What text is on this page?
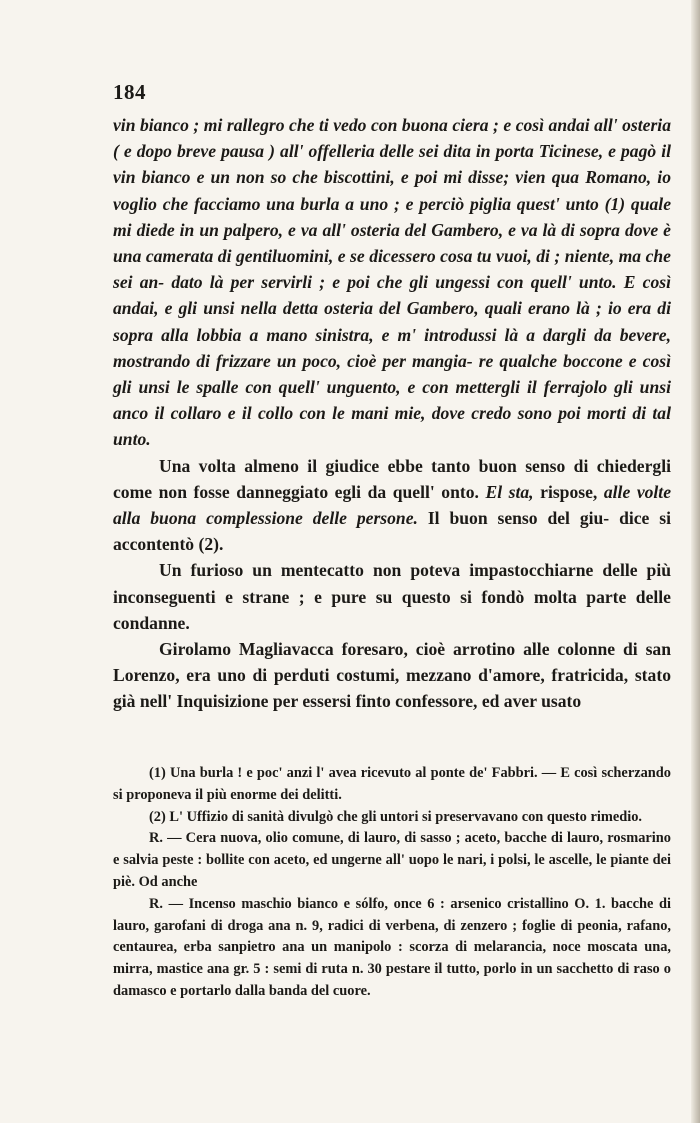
184

vin bianco ; mi rallegro che ti vedo con buona ciera ; e così andai all' osteria ( e dopo breve pausa ) all' offelleria delle sei dita in porta Ticinese, e pagò il vin bianco e un non so che biscottini, e poi mi disse; vien qua Romano, io voglio che facciamo una burla a uno ; e perciò piglia quest' unto (1) quale mi diede in un palpero, e va all' osteria del Gambero, e va là di sopra dove è una camerata di gentiluomini, e se dicessero cosa tu vuoi, di ; niente, ma che sei an- dato là per servirli ; e poi che gli ungessi con quell' unto. E così andai, e gli unsi nella detta osteria del Gambero, quali erano là ; io era di sopra alla lobbia a mano sinistra, e m' introdussi là a dargli da bevere, mostrando di frizzare un poco, cioè per mangia- re qualche boccone e così gli unsi le spalle con quell' unguento, e con mettergli il ferrajolo gli unsi anco il collaro e il collo con le mani mie, dove credo sono poi morti di tal unto.

Una volta almeno il giudice ebbe tanto buon senso di chiedergli come non fosse danneggiato egli da quell' onto. El sta, rispose, alle volte alla buona complessione delle persone. Il buon senso del giu- dice si accontentò (2).

Un furioso un mentecatto non poteva impastocchiarne delle più inconseguenti e strane ; e pure su questo si fondò molta parte delle condanne.

Girolamo Magliavacca foresaro, cioè arrotino alle colonne di san Lorenzo, era uno di perduti costumi, mezzano d'amore, fratricida, stato già nell' Inquisizione per essersi finto confessore, ed aver usato

(1) Una burla ! e poc' anzi l' avea ricevuto al ponte de' Fabbri. — E così scherzando si proponeva il più enorme dei delitti.

(2) L' Uffizio di sanità divulgò che gli untori si preservavano con questo rimedio.

R. — Cera nuova, olio comune, di lauro, di sasso ; aceto, bacche di lauro, rosmarino e salvia peste : bollite con aceto, ed ungerne all' uopo le nari, i polsi, le ascelle, le piante dei piè. Od anche

R. — Incenso maschio bianco e sólfo, once 6 : arsenico cristallino O. 1. bacche di lauro, garofani di droga ana n. 9, radici di verbena, di zenzero ; foglie di peonia, rafano, centaurea, erba sanpietro ana un manipolo : scorza di melarancia, noce moscata una, mirra, mastice ana gr. 5 : semi di ruta n. 30 pestare il tutto, porlo in un sacchetto di raso o damasco e portarlo dalla banda del cuore.
